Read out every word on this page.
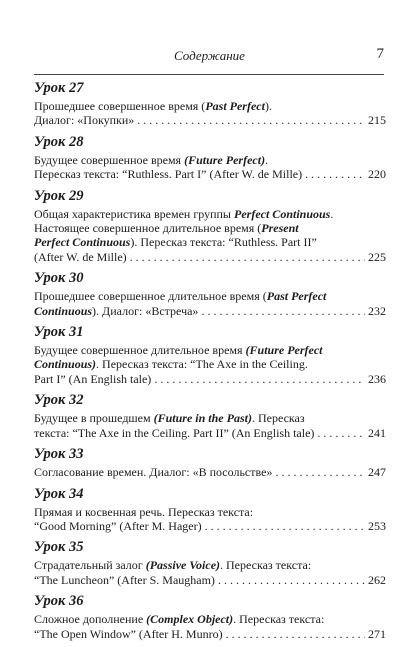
Содержание	7
Урок 27
Прошедшее совершенное время (Past Perfect).
Диалог: «Покупки» . . .	215
Урок 28
Будущее совершенное время (Future Perfect).
Пересказ текста: “Ruthless. Part I” (After W. de Mille) . . .	220
Урок 29
Общая характеристика времен группы Perfect Continuous.
Настоящее совершенное длительное время (Present
Perfect Continuous). Пересказ текста: “Ruthless. Part II”
(After W. de Mille) . . .	225
Урок 30
Прошедшее совершенное длительное время (Past Perfect
Continuous). Диалог: «Встреча» . . .	232
Урок 31
Будущее совершенное длительное время (Future Perfect
Continuous). Пересказ текста: “The Axe in the Ceiling.
Part I” (An English tale) . . .	236
Урок 32
Будущее в прошедшем (Future in the Past). Пересказ
текста: “The Axe in the Ceiling. Part II” (An English tale) . . .	241
Урок 33
Согласование времен. Диалог: «В посольстве» . . .	247
Урок 34
Прямая и косвенная речь. Пересказ текста:
“Good Morning” (After M. Hager) . . .	253
Урок 35
Страдательный залог (Passive Voice). Пересказ текста:
“The Luncheon” (After S. Maugham) . . .	262
Урок 36
Сложное дополнение (Complex Object). Пересказ текста:
“The Open Window” (After H. Munro) . . .	271
